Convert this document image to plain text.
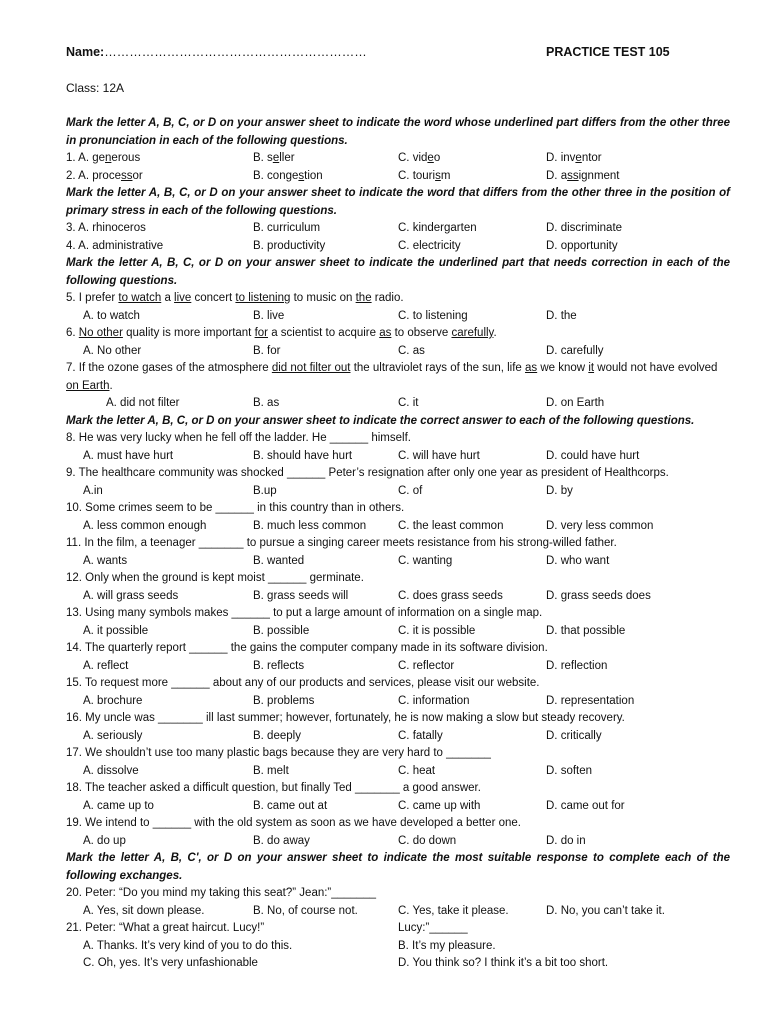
Name:………………………………………………………	PRACTICE TEST 105
Class: 12A
Mark the letter A, B, C, or D on your answer sheet to indicate the word whose underlined part differs from the other three in pronunciation in each of the following questions.
1. A. generous	B. seller	C. video	D. inventor
2. A. processor	B. congestion	C. tourism	D. assignment
Mark the letter A, B, C, or D on your answer sheet to indicate the word that differs from the other three in the position of primary stress in each of the following questions.
3. A. rhinoceros	B. curriculum	C. kindergarten	D. discriminate
4. A. administrative	B. productivity	C. electricity	D. opportunity
Mark the letter A, B, C, or D on your answer sheet to indicate the underlined part that needs correction in each of the following questions.
5. I prefer to watch a live concert to listening to music on the radio.
A. to watch	B. live	C. to listening	D. the
6. No other quality is more important for a scientist to acquire as to observe carefully.
A. No other	B. for	C. as	D. carefully
7. If the ozone gases of the atmosphere did not filter out the ultraviolet rays of the sun, life as we know it would not have evolved on Earth.
A. did not filter	B. as	C. it	D. on Earth
Mark the letter A, B, C, or D on your answer sheet to indicate the correct answer to each of the following questions.
8. He was very lucky when he fell off the ladder. He ______ himself.
A. must have hurt	B. should have hurt	C. will have hurt	D. could have hurt
9. The healthcare community was shocked ______ Peter’s resignation after only one year as president of Healthcorps.
A.in	B.up	C. of	D. by
10. Some crimes seem to be ______ in this country than in others.
A. less common enough	B. much less common	C. the least common	D. very less common
11. In the film, a teenager _______ to pursue a singing career meets resistance from his strong-willed father.
A. wants	B. wanted	C. wanting	D. who want
12. Only when the ground is kept moist ______ germinate.
A. will grass seeds	B. grass seeds will	C. does grass seeds	D. grass seeds does
13. Using many symbols makes ______ to put a large amount of information on a single map.
A. it possible	B. possible	C. it is possible	D. that possible
14. The quarterly report ______ the gains the computer company made in its software division.
A. reflect	B. reflects	C. reflector	D. reflection
15. To request more ______ about any of our products and services, please visit our website.
A. brochure	B. problems	C. information	D. representation
16. My uncle was _______ ill last summer; however, fortunately, he is now making a slow but steady recovery.
A. seriously	B. deeply	C. fatally	D. critically
17. We shouldn’t use too many plastic bags because they are very hard to _______
A. dissolve	B. melt	C. heat	D. soften
18. The teacher asked a difficult question, but finally Ted _______ a good answer.
A. came up to	B. came out at	C. came up with	D. came out for
19. We intend to ______ with the old system as soon as we have developed a better one.
A. do up	B. do away	C. do down	D. do in
Mark the letter A, B, C', or D on your answer sheet to indicate the most suitable response to complete each of the following exchanges.
20. Peter: “Do you mind my taking this seat?” Jean:”_______
A. Yes, sit down please.	B. No, of course not.	C. Yes, take it please.	D. No, you can’t take it.
21. Peter: “What a great haircut. Lucy!”	Lucy:”______
A. Thanks. It’s very kind of you to do this.	B. It’s my pleasure.
C. Oh, yes. It’s very unfashionable	D. You think so? I think it’s a bit too short.
